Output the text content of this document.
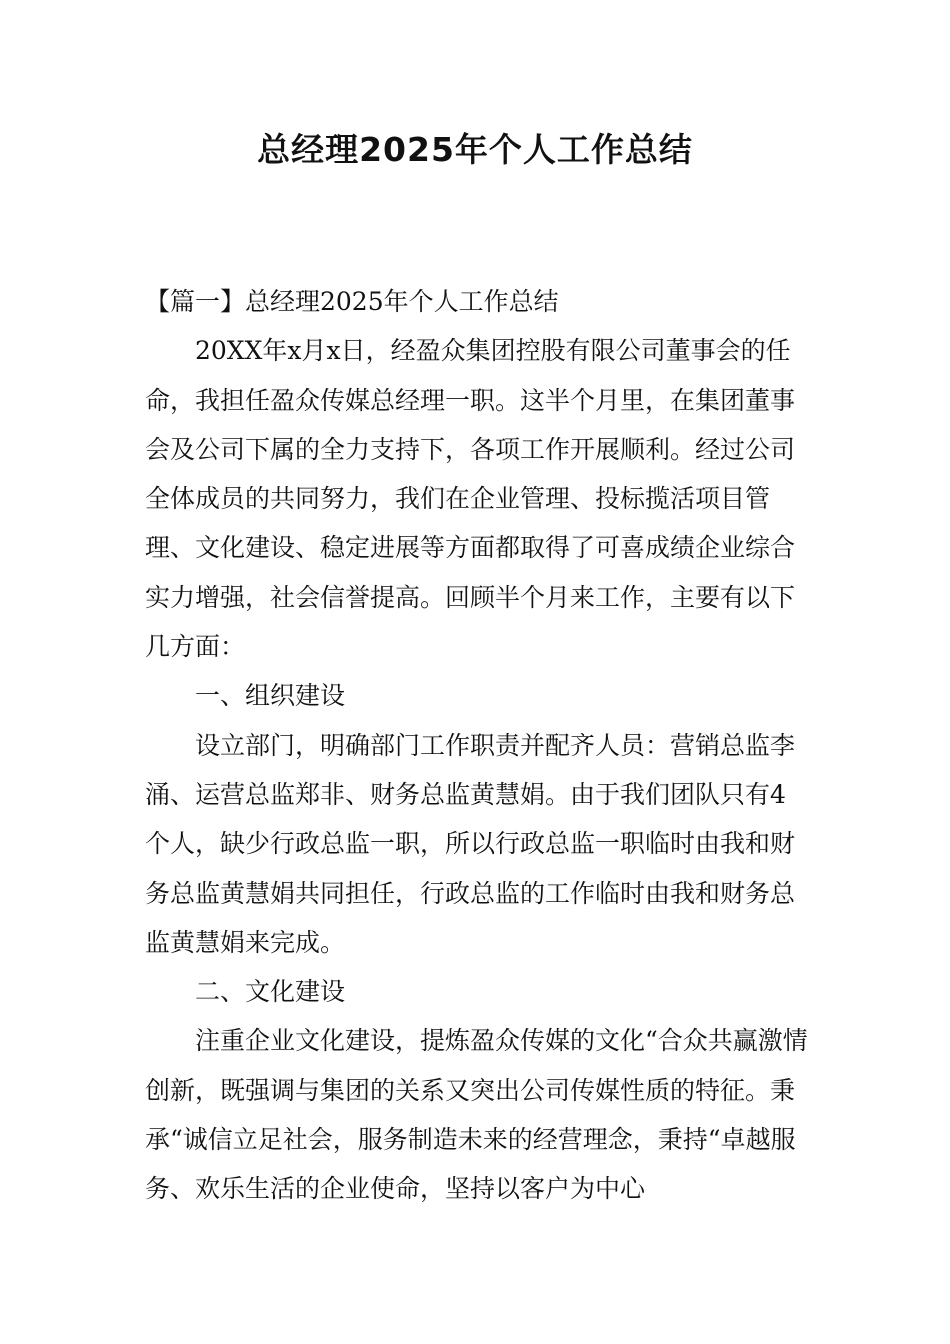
总经理2025年个人工作总结

【篇一】总经理2025年个人工作总结

20XX年x月x日，经盈众集团控股有限公司董事会的任命，我担任盈众传媒总经理一职。这半个月里，在集团董事会及公司下属的全力支持下，各项工作开展顺利。经过公司全体成员的共同努力，我们在企业管理、投标揽活项目管理、文化建设、稳定进展等方面都取得了可喜成绩企业综合实力增强，社会信誉提高。回顾半个月来工作，主要有以下几方面：

一、组织建设

设立部门，明确部门工作职责并配齐人员：营销总监李涌、运营总监郑非、财务总监黄慧娟。由于我们团队只有4个人，缺少行政总监一职，所以行政总监一职临时由我和财务总监黄慧娟共同担任，行政总监的工作临时由我和财务总监黄慧娟来完成。

二、文化建设

注重企业文化建设，提炼盈众传媒的文化“合众共赢激情创新，既强调与集团的关系又突出公司传媒性质的特征。秉承“诚信立足社会，服务制造未来的经营理念，秉持“卓越服务、欢乐生活的企业使命，坚持以客户为中心
